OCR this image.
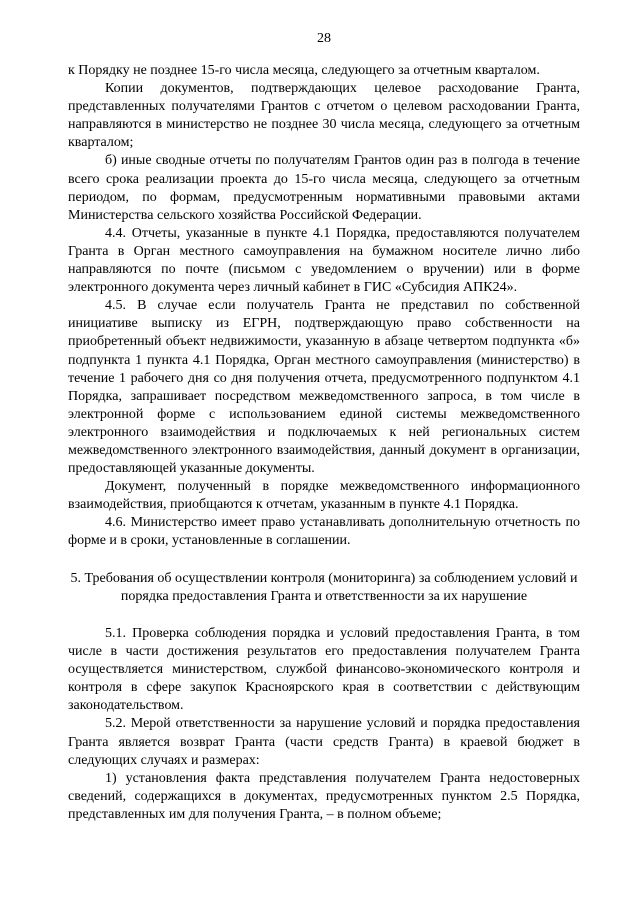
28

к Порядку не позднее 15-го числа месяца, следующего за отчетным кварталом.

Копии документов, подтверждающих целевое расходование Гранта, представленных получателями Грантов с отчетом о целевом расходовании Гранта, направляются в министерство не позднее 30 числа месяца, следующего за отчетным кварталом;

б) иные сводные отчеты по получателям Грантов один раз в полгода в течение всего срока реализации проекта до 15-го числа месяца, следующего за отчетным периодом, по формам, предусмотренным нормативными правовыми актами Министерства сельского хозяйства Российской Федерации.

4.4. Отчеты, указанные в пункте 4.1 Порядка, предоставляются получателем Гранта в Орган местного самоуправления на бумажном носителе лично либо направляются по почте (письмом с уведомлением о вручении) или в форме электронного документа через личный кабинет в ГИС «Субсидия АПК24».

4.5. В случае если получатель Гранта не представил по собственной инициативе выписку из ЕГРН, подтверждающую право собственности на приобретенный объект недвижимости, указанную в абзаце четвертом подпункта «б» подпункта 1 пункта 4.1 Порядка, Орган местного самоуправления (министерство) в течение 1 рабочего дня со дня получения отчета, предусмотренного подпунктом 4.1 Порядка, запрашивает посредством межведомственного запроса, в том числе в электронной форме с использованием единой системы межведомственного электронного взаимодействия и подключаемых к ней региональных систем межведомственного электронного взаимодействия, данный документ в организации, предоставляющей указанные документы.

Документ, полученный в порядке межведомственного информационного взаимодействия, приобщаются к отчетам, указанным в пункте 4.1 Порядка.

4.6. Министерство имеет право устанавливать дополнительную отчетность по форме и в сроки, установленные в соглашении.

5. Требования об осуществлении контроля (мониторинга) за соблюдением условий и порядка предоставления Гранта и ответственности за их нарушение

5.1. Проверка соблюдения порядка и условий предоставления Гранта, в том числе в части достижения результатов его предоставления получателем Гранта осуществляется министерством, службой финансово-экономического контроля и контроля в сфере закупок Красноярского края в соответствии с действующим законодательством.

5.2. Мерой ответственности за нарушение условий и порядка предоставления Гранта является возврат Гранта (части средств Гранта) в краевой бюджет в следующих случаях и размерах:

1) установления факта представления получателем Гранта недостоверных сведений, содержащихся в документах, предусмотренных пунктом 2.5 Порядка, представленных им для получения Гранта, – в полном объеме;
